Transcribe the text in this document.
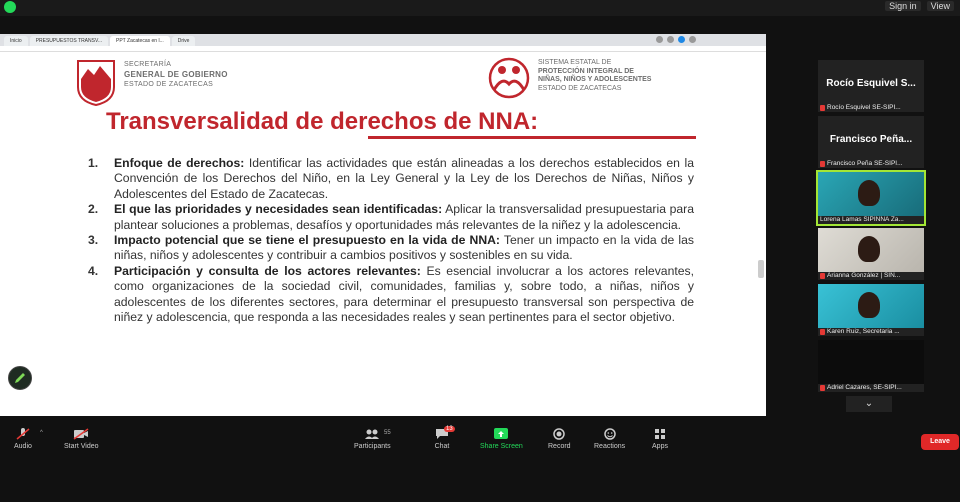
Sign in	View
Inicio	PRESUPUESTOS TRANSV...	PPT Zacatecas en l...	Drive
SECRETARÍA
GENERAL DE GOBIERNO
ESTADO DE ZACATECAS
SISTEMA ESTATAL DE
PROTECCIÓN INTEGRAL DE
NIÑAS, NIÑOS Y ADOLESCENTES
ESTADO DE ZACATECAS
Transversalidad de derechos de NNA:
1.	Enfoque de derechos: Identificar las actividades que están alineadas a los derechos establecidos en la Convención de los Derechos del Niño, en la Ley General y la Ley de los Derechos de Niñas, Niños y Adolescentes del Estado de Zacatecas.
2.	El que las prioridades y necesidades sean identificadas: Aplicar la transversalidad presupuestaria para plantear soluciones a problemas, desafíos y oportunidades más relevantes de la niñez y la adolescencia.
3.	Impacto potencial que se tiene el presupuesto en la vida de NNA: Tener un impacto en la vida de las niñas, niños y adolescentes y contribuir a cambios positivos y sostenibles en su vida.
4.	Participación y consulta de los actores relevantes: Es esencial involucrar a los actores relevantes, como organizaciones de la sociedad civil, comunidades, familias y, sobre todo, a niñas, niños y adolescentes de los diferentes sectores, para determinar el presupuesto transversal son perspectiva de niñez y adolescencia, que responda a las necesidades reales y sean pertinentes para el sector objetivo.
Rocío Esquivel S...
Rocío Esquivel SE-SIPI...
Francisco Peña...
Francisco Peña SE-SIPI...
Lorena Lamas SIPINNA Za...
Arianna González | SIN...
Karen Ruiz, Secretaria ...
Adriel Cazares, SE-SIPI...
⌄
Audio
^
Start Video	Participants
55
13
Chat	Share Screen	Record	Reactions	Apps
Leave
